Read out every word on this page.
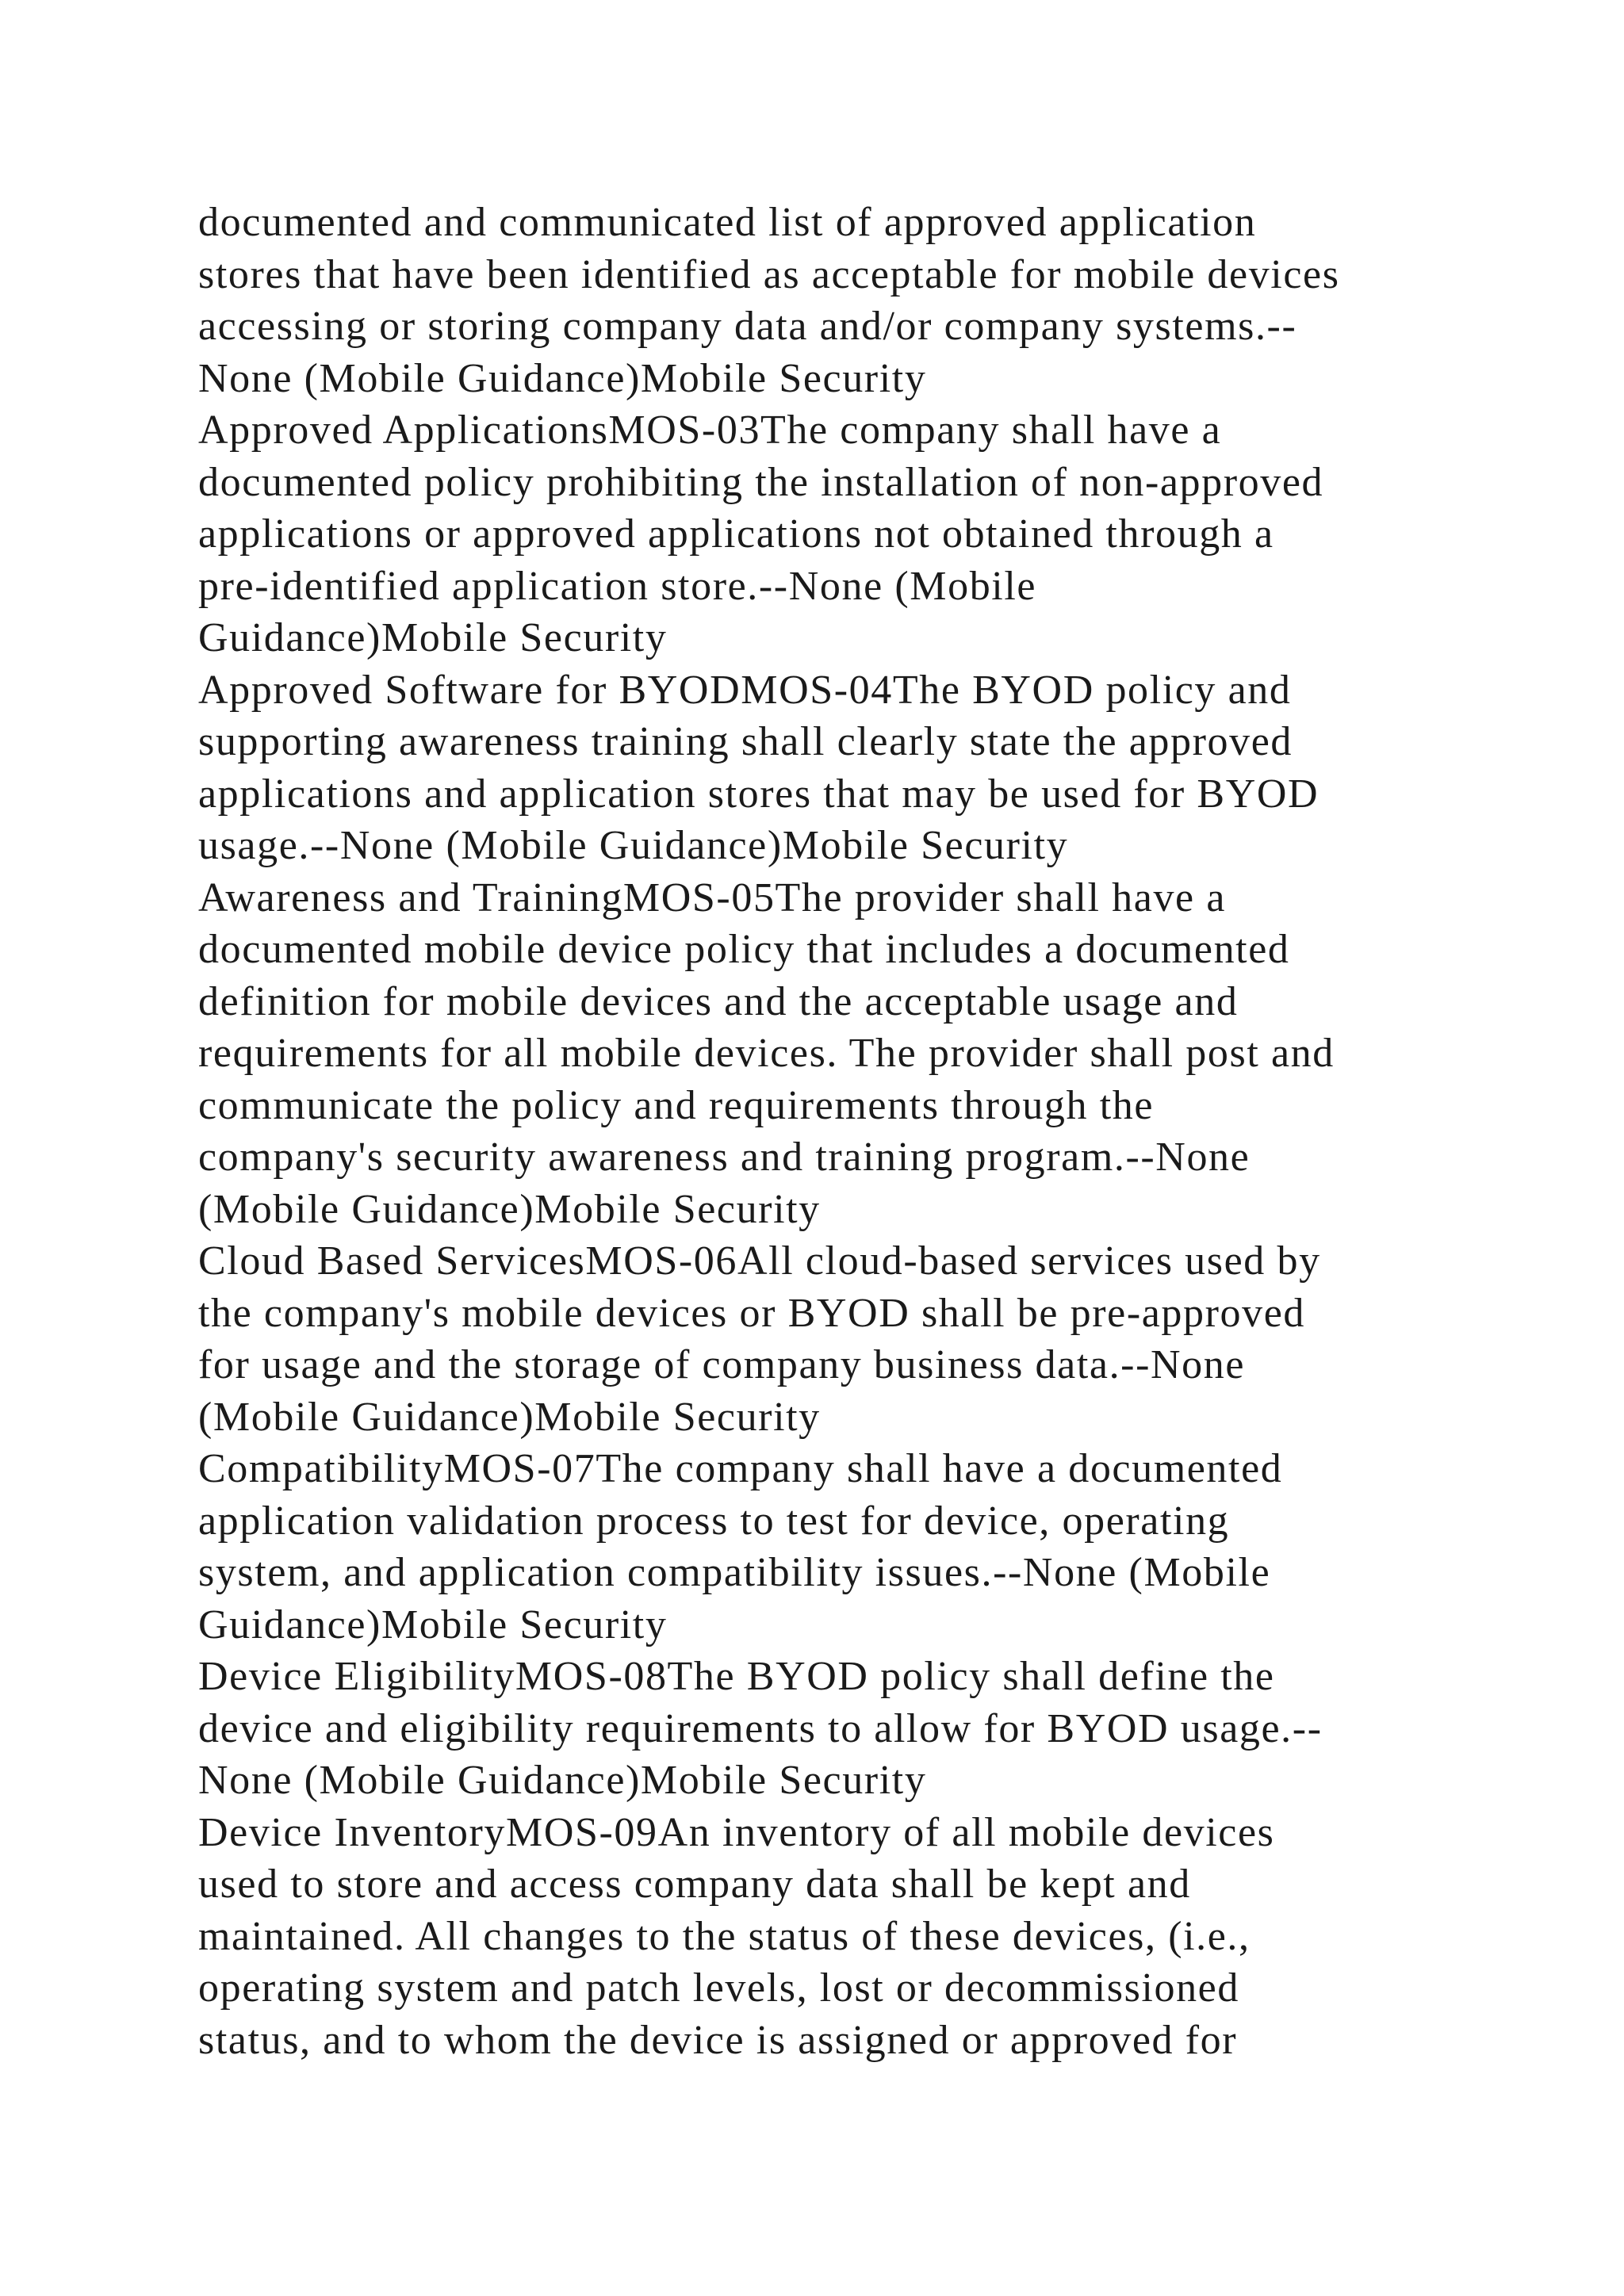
documented and communicated list of approved application
stores that have been identified as acceptable for mobile devices
accessing or storing company data and/or company systems.--
None (Mobile Guidance)Mobile Security
Approved ApplicationsMOS-03The company shall have a
documented policy prohibiting the installation of non-approved
applications or approved applications not obtained through a
pre-identified application store.--None (Mobile
Guidance)Mobile Security
Approved Software for BYODMOS-04The BYOD policy and
supporting awareness training shall clearly state the approved
applications and application stores that may be used for BYOD
usage.--None (Mobile Guidance)Mobile Security
Awareness and TrainingMOS-05The provider shall have a
documented mobile device policy that includes a documented
definition for mobile devices and the acceptable usage and
requirements for all mobile devices. The provider shall post and
communicate the policy and requirements through the
company's security awareness and training program.--None
(Mobile Guidance)Mobile Security
Cloud Based ServicesMOS-06All cloud-based services used by
the company's mobile devices or BYOD shall be pre-approved
for usage and the storage of company business data.--None
(Mobile Guidance)Mobile Security
CompatibilityMOS-07The company shall have a documented
application validation process to test for device, operating
system, and application compatibility issues.--None (Mobile
Guidance)Mobile Security
Device EligibilityMOS-08The BYOD policy shall define the
device and eligibility requirements to allow for BYOD usage.--
None (Mobile Guidance)Mobile Security
Device InventoryMOS-09An inventory of all mobile devices
used to store and access company data shall be kept and
maintained. All changes to the status of these devices, (i.e.,
operating system and patch levels, lost or decommissioned
status, and to whom the device is assigned or approved for
